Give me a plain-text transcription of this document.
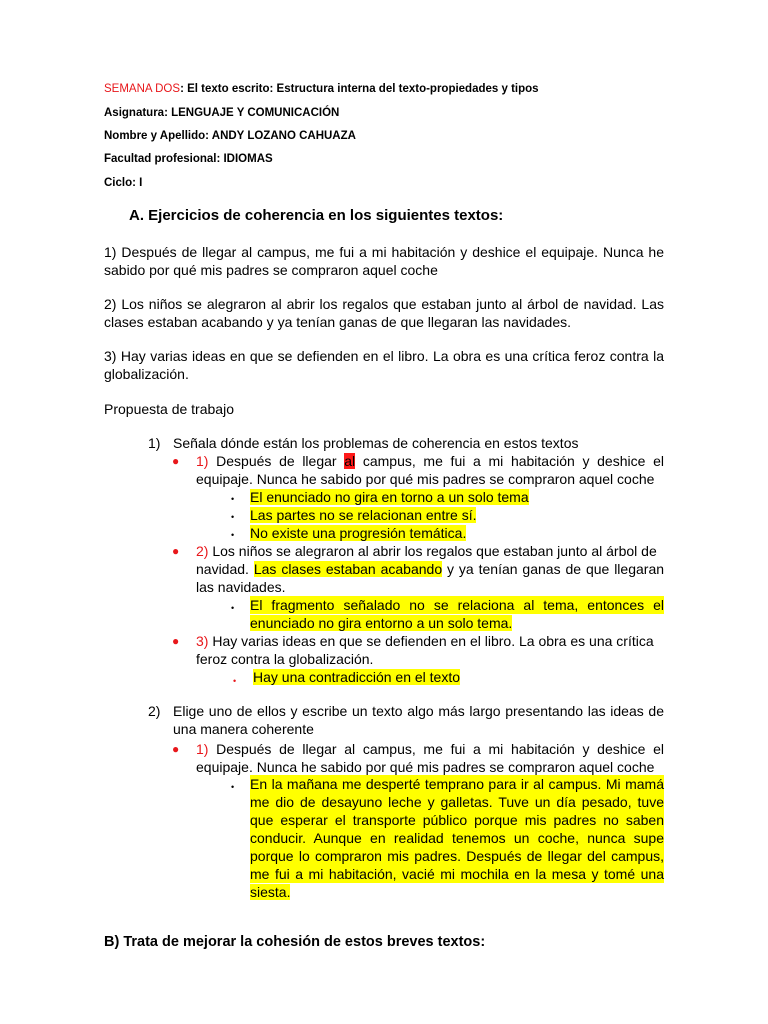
SEMANA DOS: El texto escrito: Estructura interna del texto-propiedades y tipos
Asignatura: LENGUAJE Y COMUNICACIÓN
Nombre y Apellido: ANDY LOZANO CAHUAZA
Facultad profesional: IDIOMAS
Ciclo: I
A. Ejercicios de coherencia en los siguientes textos:
1) Después de llegar al campus, me fui a mi habitación y deshice el equipaje. Nunca he sabido por qué mis padres se compraron aquel coche
2) Los niños se alegraron al abrir los regalos que estaban junto al árbol de navidad. Las clases estaban acabando y ya tenían ganas de que llegaran las navidades.
3) Hay varias ideas en que se defienden en el libro. La obra es una crítica feroz contra la globalización.
Propuesta de trabajo
1) Señala dónde están los problemas de coherencia en estos textos
● 1) Después de llegar al campus, me fui a mi habitación y deshice el
equipaje. Nunca he sabido por qué mis padres se compraron aquel coche
• El enunciado no gira en torno a un solo tema
• Las partes no se relacionan entre sí.
• No existe una progresión temática.
● 2) Los niños se alegraron al abrir los regalos que estaban junto al árbol de
navidad. Las clases estaban acabando y ya tenían ganas de que llegaran
las navidades.
• El fragmento señalado no se relaciona al tema, entonces el
enunciado no gira entorno a un solo tema.
● 3) Hay varias ideas en que se defienden en el libro. La obra es una crítica
feroz contra la globalización.
• Hay una contradicción en el texto
2) Elige uno de ellos y escribe un texto algo más largo presentando las ideas de
una manera coherente
● 1) Después de llegar al campus, me fui a mi habitación y deshice el
equipaje. Nunca he sabido por qué mis padres se compraron aquel coche
• En la mañana me desperté temprano para ir al campus. Mi mamá
me dio de desayuno leche y galletas. Tuve un día pesado, tuve
que esperar el transporte público porque mis padres no saben
conducir. Aunque en realidad tenemos un coche, nunca supe
porque lo compraron mis padres. Después de llegar del campus,
me fui a mi habitación, vacié mi mochila en la mesa y tomé una
siesta.
B) Trata de mejorar la cohesión de estos breves textos:
